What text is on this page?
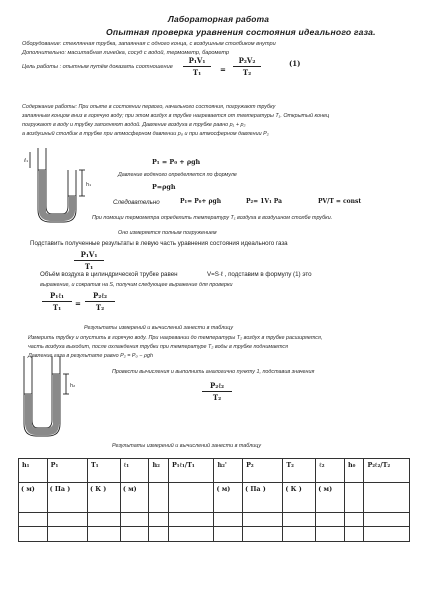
Лабораторная работа
Опытная проверка уравнения состояния идеального газа.
Оборудование: стеклянная трубка, запаянная с одного конца, с воздушным столбиком внутри
Дополнительно: масштабная линейка, сосуд с водой, термометр, барометр
Цель работы : опытным путём доказать соотношение
P₁V₁
T₁	=
P₂V₂
T₂
(1)
Содержание работы: При опыте в состоянии первого, начального состояния, погружают трубку
запаянным концом вниз в горячую воду; при этом воздух в трубке нагревается от температуры T₁. Открытый конец
погружают в воду и трубку заполняют водой. Давление воздуха в трубке равно p₁ + p₂
а воздушный столбик в трубке при атмосферном давлении p₀ и при атмосферном давлении P₂
h₁
ℓ₁
h₂
P₁ = P₀ + ρgh
Давление водяного определяется по формуле
P=ρgh
Следовательно	P₁= P₀+ ρgh	P₂= 1V₁ Pa	PV/T = const
При помощи термометра определить температуру T₁ воздуха в воздушном столбе трубки.
Оно измеряется полным погружением
Подставить полученные результаты в левую часть уравнения состояния идеального газа
P₁V₁
T₁
Объём воздуха в цилиндрической трубке равен	V=S·ℓ , подставим в формулу (1) это
выражение, и сократив на S, получим следующее выражение для проверки
P₁ℓ₁
T₁	=
P₂ℓ₂
T₂
Результаты измерений и вычислений занести в таблицу
Измерить трубку и опустить в горячую воду. При нагревании до температуры T₂ воздух в трубке расширяется,
часть воздуха выходит, после охлаждения трубки при температуре T₂ воды в трубке поднимается
Давление газа в результате равно P₂ = P₀ − ρgh
Провести вычисления и выполнить аналогично пункту 1, подставив значения
P₂ℓ₂
T₂
Результаты измерений и вычислений занести в таблицу
h₁	P₁	T₁	ℓ₁	h₂	P₁ℓ₁/T₁	h₂'	P₂	T₂	ℓ₂	h₀	P₂ℓ₂/T₂
( м)	( Па )	( К )	( м)			( м)	( Па )	( К )	( м)		
